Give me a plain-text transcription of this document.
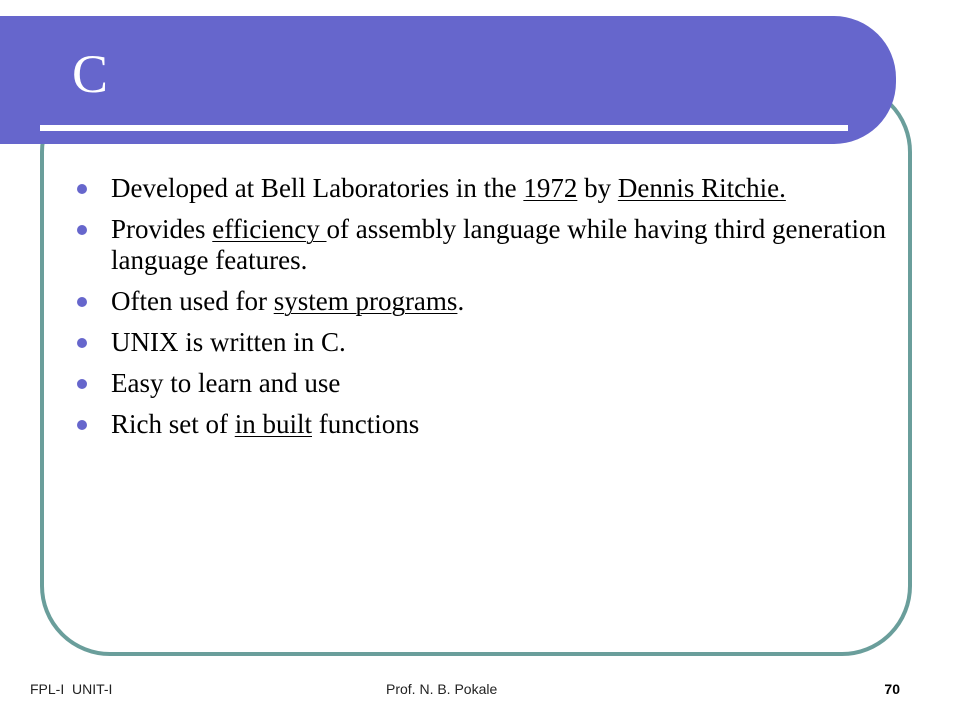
C
Developed at Bell Laboratories in the 1972 by Dennis Ritchie.
Provides efficiency of assembly language while having third generation language features.
Often used for system programs.
UNIX is written in C.
Easy to learn and use
Rich set of in built functions
FPL-I  UNIT-I	Prof. N. B. Pokale	70
